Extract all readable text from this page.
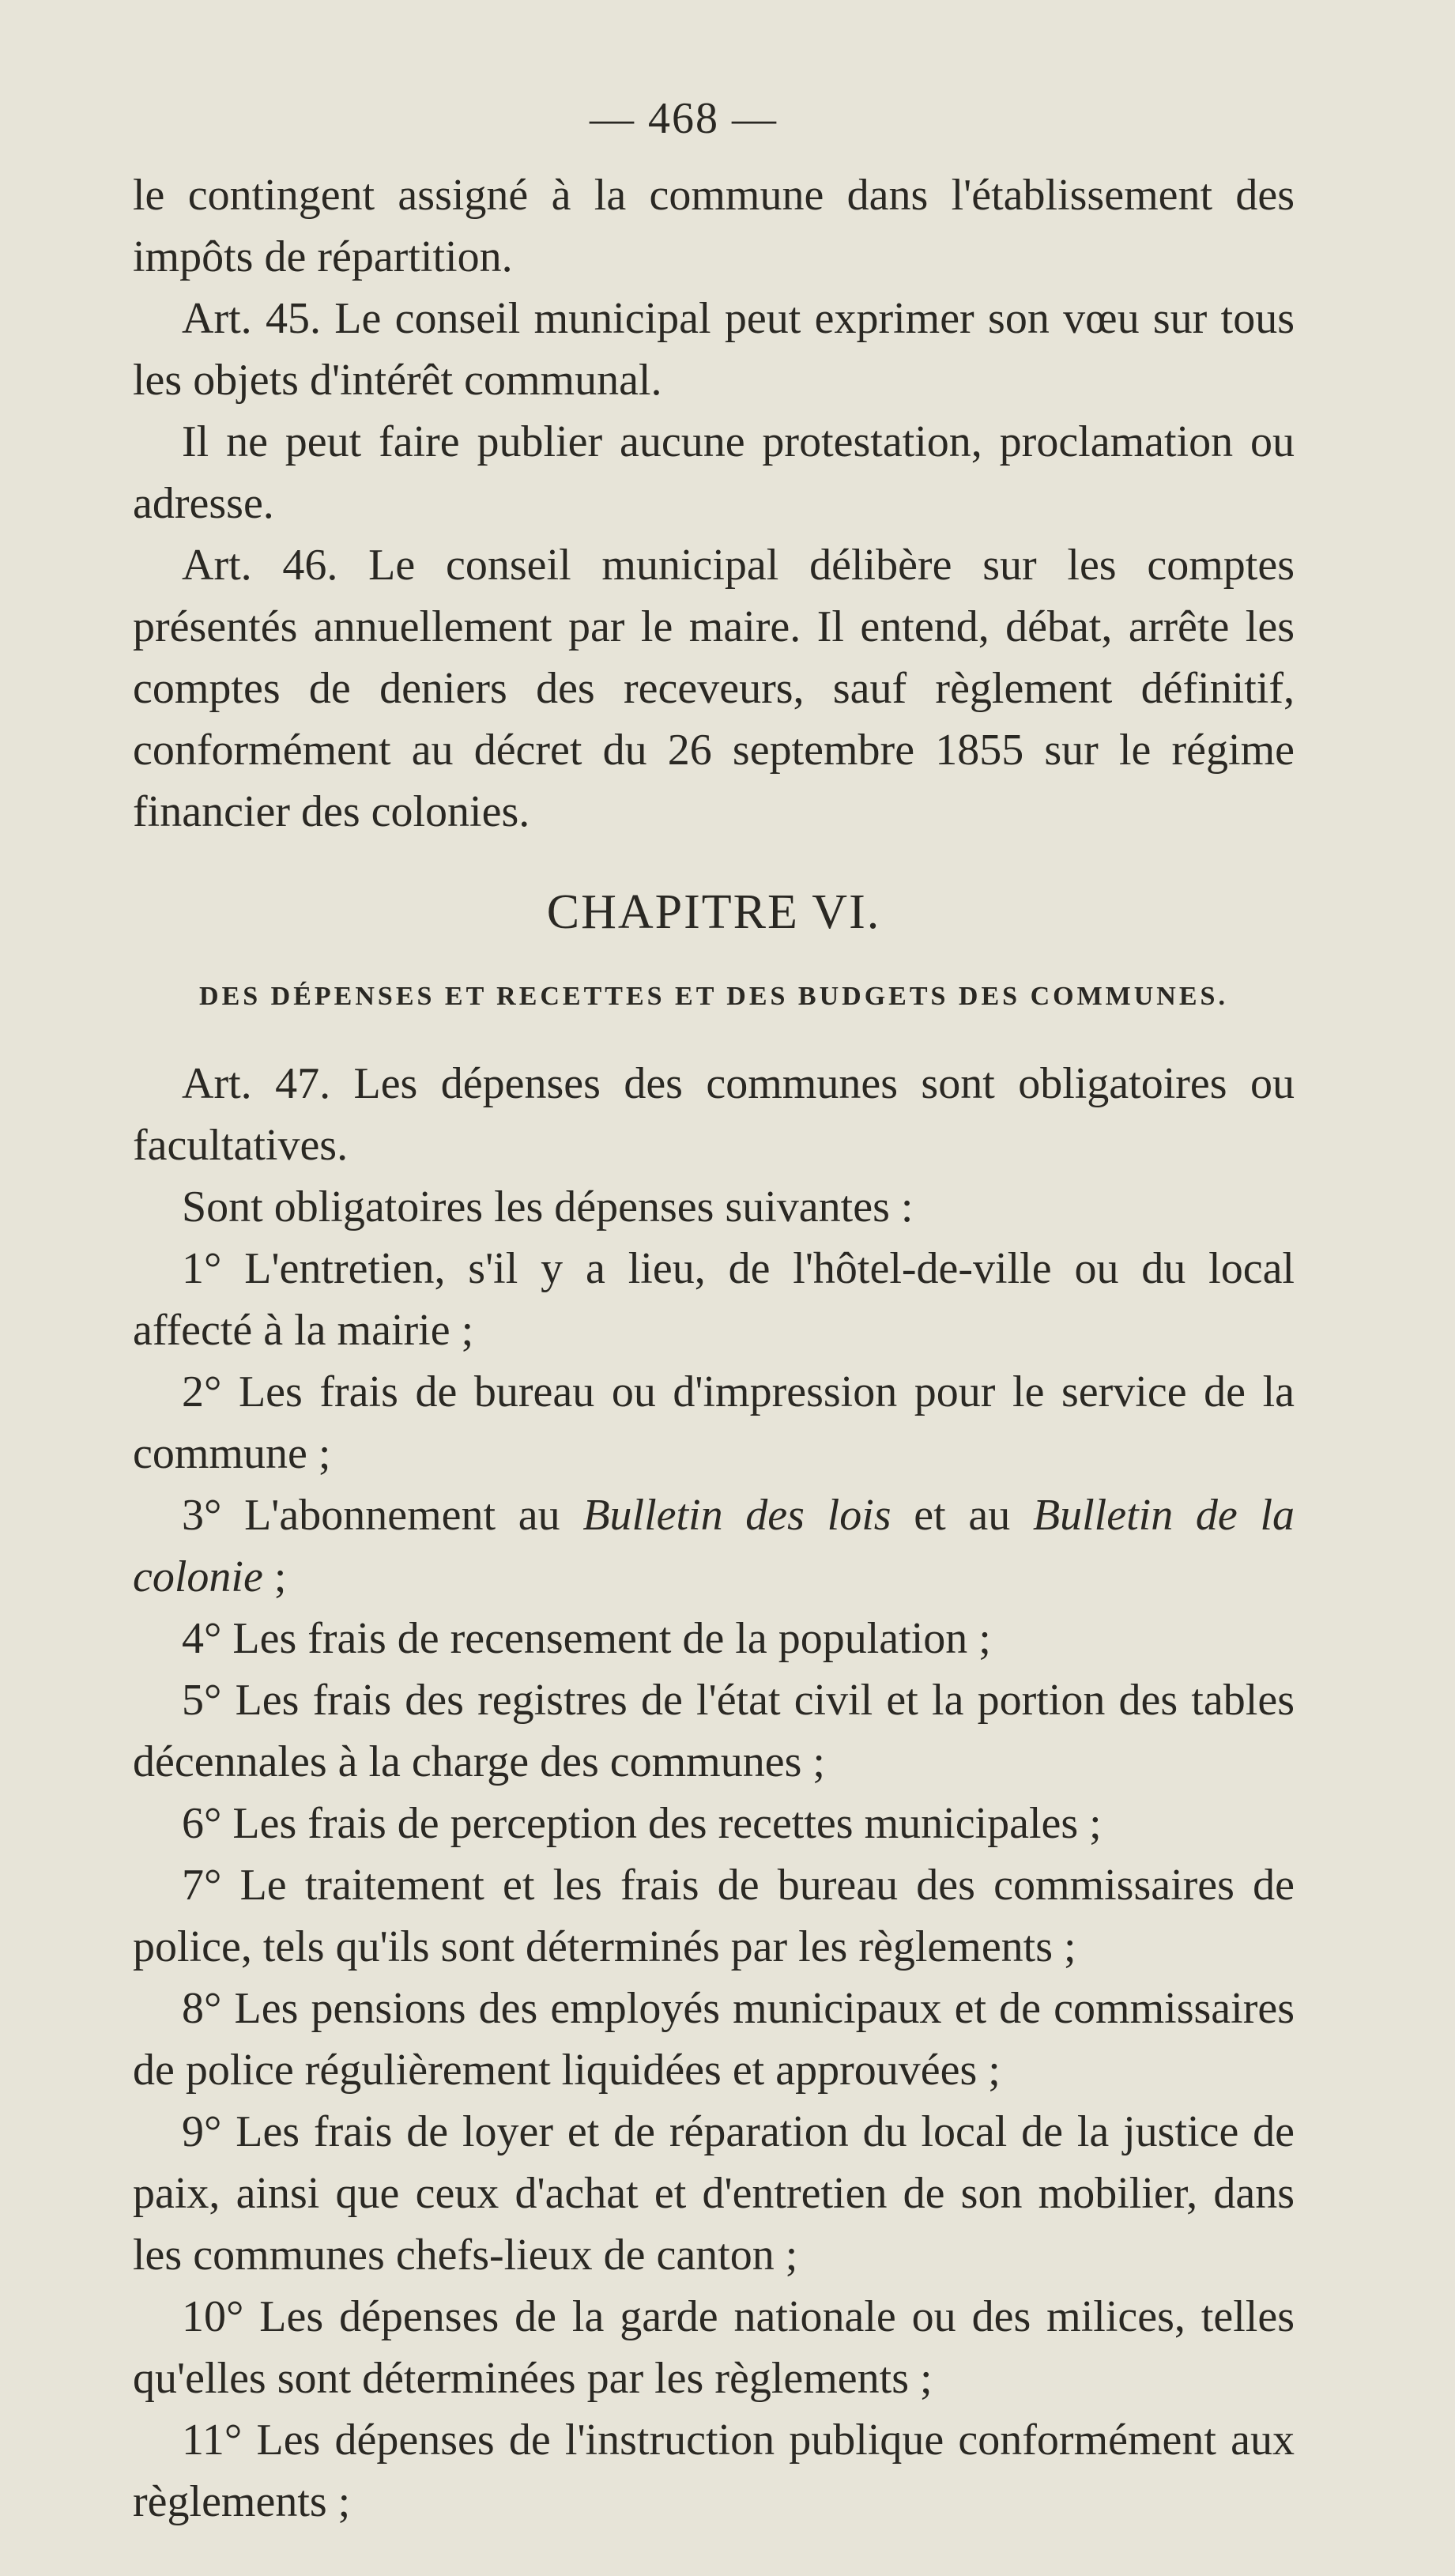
— 468 —

le contingent assigné à la commune dans l'établissement des impôts de répartition.

Art. 45. Le conseil municipal peut exprimer son vœu sur tous les objets d'intérêt communal.

Il ne peut faire publier aucune protestation, proclamation ou adresse.

Art. 46. Le conseil municipal délibère sur les comptes présentés annuellement par le maire. Il entend, débat, arrête les comptes de deniers des receveurs, sauf règlement définitif, conformément au décret du 26 septembre 1855 sur le régime financier des colonies.

CHAPITRE VI.
DES DÉPENSES ET RECETTES ET DES BUDGETS DES COMMUNES.

Art. 47. Les dépenses des communes sont obligatoires ou facultatives.

Sont obligatoires les dépenses suivantes :

1° L'entretien, s'il y a lieu, de l'hôtel-de-ville ou du local affecté à la mairie ;

2° Les frais de bureau ou d'impression pour le service de la commune ;

3° L'abonnement au Bulletin des lois et au Bulletin de la colonie ;

4° Les frais de recensement de la population ;

5° Les frais des registres de l'état civil et la portion des tables décennales à la charge des communes ;

6° Les frais de perception des recettes municipales ;

7° Le traitement et les frais de bureau des commissaires de police, tels qu'ils sont déterminés par les règlements ;

8° Les pensions des employés municipaux et de commissaires de police régulièrement liquidées et approuvées ;

9° Les frais de loyer et de réparation du local de la justice de paix, ainsi que ceux d'achat et d'entretien de son mobilier, dans les communes chefs-lieux de canton ;

10° Les dépenses de la garde nationale ou des milices, telles qu'elles sont déterminées par les règlements ;

11° Les dépenses de l'instruction publique conformément aux règlements ;
